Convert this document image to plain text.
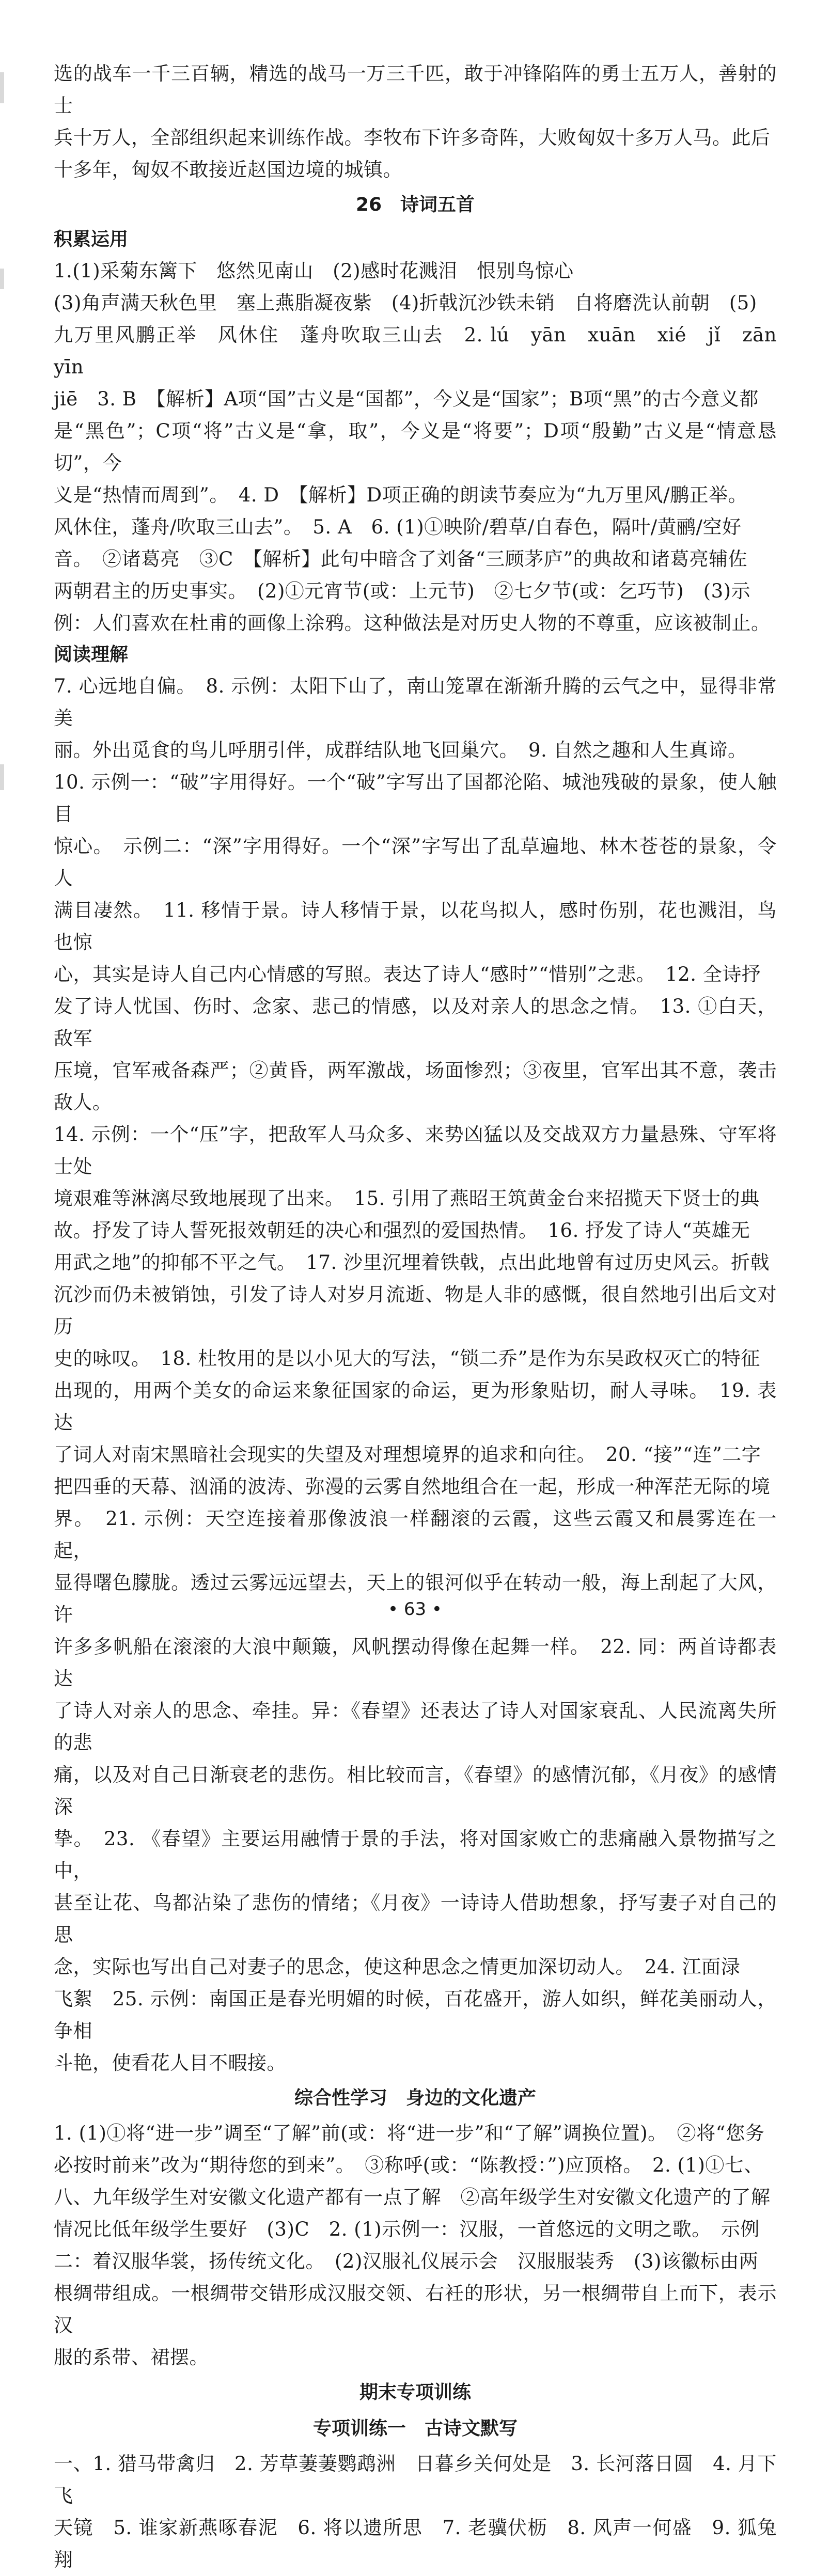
选的战车一千三百辆，精选的战马一万三千匹，敢于冲锋陷阵的勇士五万人，善射的士

兵十万人，全部组织起来训练作战。李牧布下许多奇阵，大败匈奴十多万人马。此后

十多年，匈奴不敢接近赵国边境的城镇。

26　诗词五首
积累运用

1.(1)采菊东篱下　悠然见南山　(2)感时花溅泪　恨别鸟惊心

(3)角声满天秋色里　塞上燕脂凝夜紫　(4)折戟沉沙铁未销　自将磨洗认前朝　(5)

九万里风鹏正举　风休住　蓬舟吹取三山去　2. lú　yān　xuān　xié　jǐ　zān　yīn

jiē　3. B　【解析】A项“国”古义是“国都”，今义是“国家”；B项“黑”的古今意义都

是“黑色”；C项“将”古义是“拿，取”，今义是“将要”；D项“殷勤”古义是“情意恳切”，今

义是“热情而周到”。　4. D　【解析】D项正确的朗读节奏应为“九万里风/鹏正举。

风休住，蓬舟/吹取三山去”。　5. A　6. (1)①映阶/碧草/自春色，隔叶/黄鹂/空好

音。　②诸葛亮　③C　【解析】此句中暗含了刘备“三顾茅庐”的典故和诸葛亮辅佐

两朝君主的历史事实。　(2)①元宵节(或：上元节)　②七夕节(或：乞巧节)　(3)示

例：人们喜欢在杜甫的画像上涂鸦。这种做法是对历史人物的不尊重，应该被制止。

阅读理解

7. 心远地自偏。　8. 示例：太阳下山了，南山笼罩在渐渐升腾的云气之中，显得非常美

丽。外出觅食的鸟儿呼朋引伴，成群结队地飞回巢穴。　9. 自然之趣和人生真谛。

10. 示例一：“破”字用得好。一个“破”字写出了国都沦陷、城池残破的景象，使人触目

惊心。　示例二：“深”字用得好。一个“深”字写出了乱草遍地、林木苍苍的景象，令人

满目凄然。　11. 移情于景。诗人移情于景，以花鸟拟人，感时伤别，花也溅泪，鸟也惊

心，其实是诗人自己内心情感的写照。表达了诗人“感时”“惜别”之悲。　12. 全诗抒

发了诗人忧国、伤时、念家、悲己的情感，以及对亲人的思念之情。　13. ①白天，敌军

压境，官军戒备森严；②黄昏，两军激战，场面惨烈；③夜里，官军出其不意，袭击敌人。

14. 示例：一个“压”字，把敌军人马众多、来势凶猛以及交战双方力量悬殊、守军将士处

境艰难等淋漓尽致地展现了出来。　15. 引用了燕昭王筑黄金台来招揽天下贤士的典

故。抒发了诗人誓死报效朝廷的决心和强烈的爱国热情。　16. 抒发了诗人“英雄无

用武之地”的抑郁不平之气。　17. 沙里沉埋着铁戟，点出此地曾有过历史风云。折戟

沉沙而仍未被销蚀，引发了诗人对岁月流逝、物是人非的感慨，很自然地引出后文对历

史的咏叹。　18. 杜牧用的是以小见大的写法，“锁二乔”是作为东吴政权灭亡的特征

出现的，用两个美女的命运来象征国家的命运，更为形象贴切，耐人寻味。　19. 表达

了词人对南宋黑暗社会现实的失望及对理想境界的追求和向往。　20. “接”“连”二字

把四垂的天幕、汹涌的波涛、弥漫的云雾自然地组合在一起，形成一种浑茫无际的境

界。　21. 示例：天空连接着那像波浪一样翻滚的云霞，这些云霞又和晨雾连在一起，

显得曙色朦胧。透过云雾远远望去，天上的银河似乎在转动一般，海上刮起了大风，许

许多多帆船在滚滚的大浪中颠簸，风帆摆动得像在起舞一样。　22. 同：两首诗都表达

了诗人对亲人的思念、牵挂。异：《春望》还表达了诗人对国家衰乱、人民流离失所的悲

痛，以及对自己日渐衰老的悲伤。相比较而言，《春望》的感情沉郁，《月夜》的感情深

挚。　23. 《春望》主要运用融情于景的手法，将对国家败亡的悲痛融入景物描写之中，

甚至让花、鸟都沾染了悲伤的情绪；《月夜》一诗诗人借助想象，抒写妻子对自己的思

念，实际也写出自己对妻子的思念，使这种思念之情更加深切动人。　24. 江面渌

飞絮　25. 示例：南国正是春光明媚的时候，百花盛开，游人如织，鲜花美丽动人，争相

斗艳，使看花人目不暇接。

综合性学习　身边的文化遗产

1. (1)①将“进一步”调至“了解”前(或：将“进一步”和“了解”调换位置)。　②将“您务

必按时前来”改为“期待您的到来”。　③称呼(或：“陈教授：”)应顶格。　2. (1)①七、

八、九年级学生对安徽文化遗产都有一点了解　②高年级学生对安徽文化遗产的了解

情况比低年级学生要好　(3)C　2. (1)示例一：汉服，一首悠远的文明之歌。　示例

二：着汉服华裳，扬传统文化。　(2)汉服礼仪展示会　汉服服装秀　(3)该徽标由两

根绸带组成。一根绸带交错形成汉服交领、右衽的形状，另一根绸带自上而下，表示汉

服的系带、裙摆。

期末专项训练
专项训练一　古诗文默写

一、1. 猎马带禽归　2. 芳草萋萋鹦鹉洲　日暮乡关何处是　3. 长河落日圆　4. 月下飞

天镜　5. 谁家新燕啄春泥　6. 将以遗所思　7. 老骥伏枥　8. 风声一何盛　9. 狐兔翔

• 63 •
